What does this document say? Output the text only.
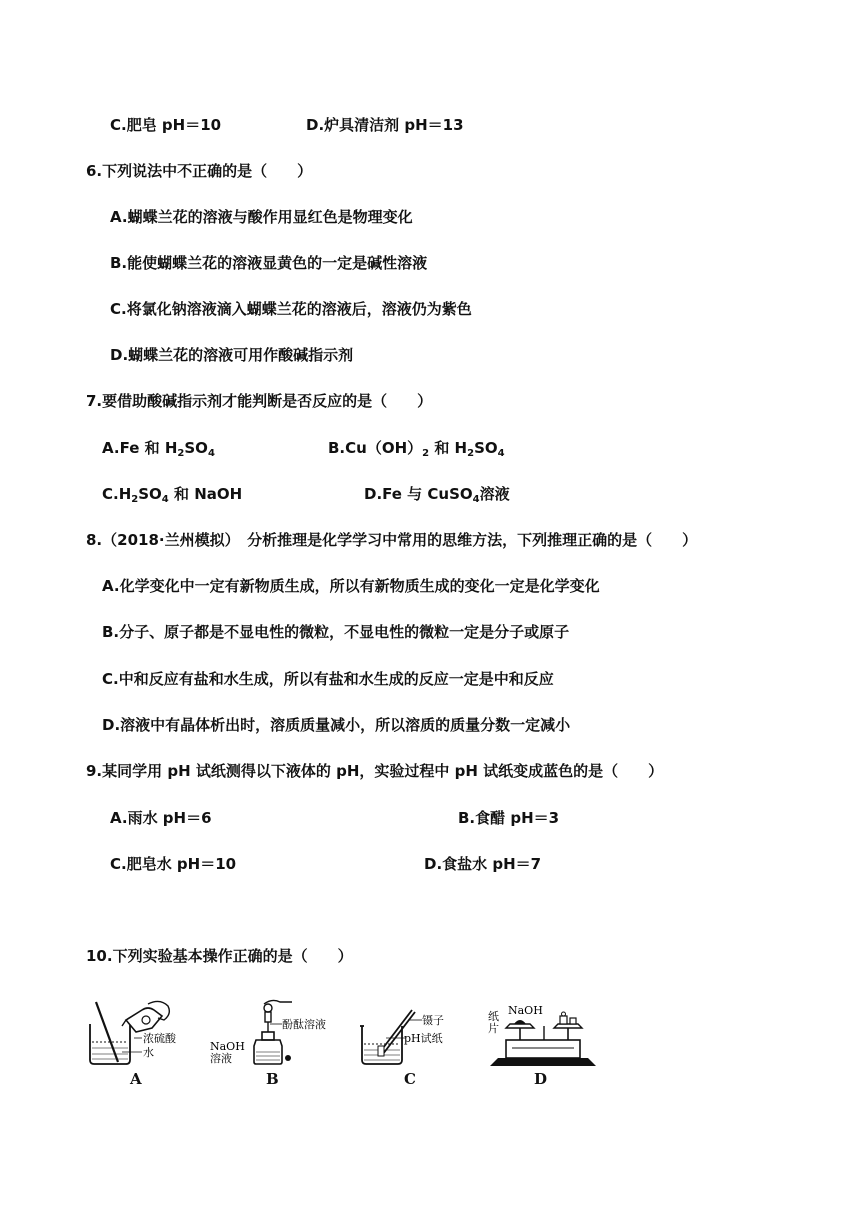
C.肥皂 pH＝10	D.炉具清洁剂 pH＝13
6.下列说法中不正确的是（　　）
A.蝴蝶兰花的溶液与酸作用显红色是物理变化
B.能使蝴蝶兰花的溶液显黄色的一定是碱性溶液
C.将氯化钠溶液滴入蝴蝶兰花的溶液后，溶液仍为紫色
D.蝴蝶兰花的溶液可用作酸碱指示剂
7.要借助酸碱指示剂才能判断是否反应的是（　　）
A.Fe 和 $H_2SO_4$	$B.Cu(OH)_2$ 和 $H_2SO_4$
$C.H_2SO_4$ 和 NaOH	D.Fe 与 CuSO$_4$溶液
8.（2018·兰州模拟）　分析推理是化学学习中常用的思维方法，下列推理正确的是（　　）
A.化学变化中一定有新物质生成，所以有新物质生成的变化一定是化学变化
B.分子、原子都是不显电性的微粒，不显电性的微粒一定是分子或原子
C.中和反应有盐和水生成，所以有盐和水生成的反应一定是中和反应
D.溶液中有晶体析出时，溶质质量减小，所以溶质的质量分数一定减小
9.某同学用 pH 试纸测得以下液体的 pH，实验过程中 pH 试纸变成蓝色的是（　　）
A.雨水 pH＝6	B.食醋 pH＝3
C.肥皂水 pH＝10	D.食盐水 pH＝7
10.下列实验基本操作正确的是（　　）
浓硫酸
水
A
酚酞溶液
NaOH
溶液
B
镊子
pH试纸
C
NaOH
纸
片
D
